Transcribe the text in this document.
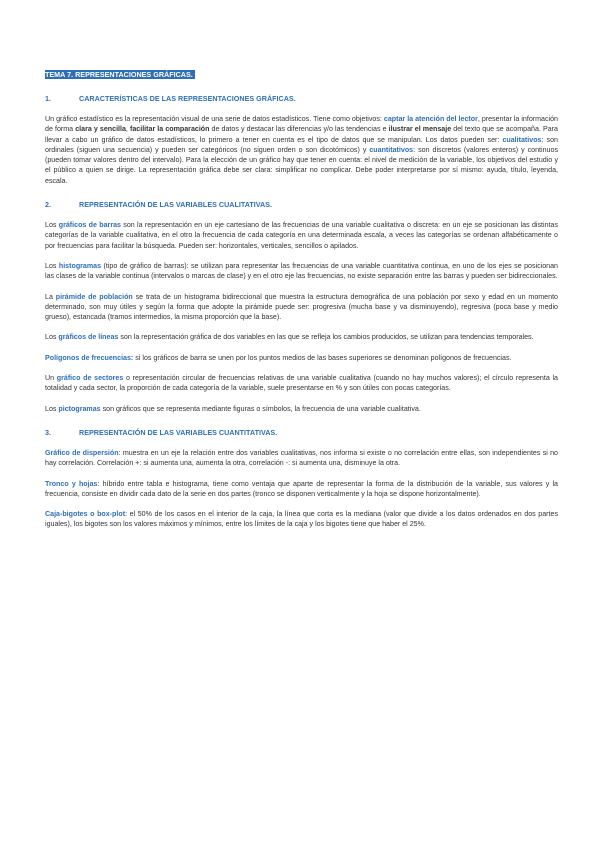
TEMA 7. REPRESENTACIONES GRÁFICAS.
1.	CARACTERÍSTICAS DE LAS REPRESENTACIONES GRÁFICAS.

Un gráfico estadístico es la representación visual de una serie de datos estadísticos. Tiene como objetivos: captar la atención del lector, presentar la información de forma clara y sencilla, facilitar la comparación de datos y destacar las diferencias y/o las tendencias e ilustrar el mensaje del texto que se acompaña. Para llevar a cabo un gráfico de datos estadísticos, lo primero a tener en cuenta es el tipo de datos que se manipulan. Los datos pueden ser: cualitativos: son ordinales (siguen una secuencia) y pueden ser categóricos (no siguen orden o son dicotómicos) y cuantitativos: son discretos (valores enteros) y continuos (pueden tomar valores dentro del intervalo). Para la elección de un gráfico hay que tener en cuenta: el nivel de medición de la variable, los objetivos del estudio y el público a quien se dirige. La representación gráfica debe ser clara: simplificar no complicar. Debe poder interpretarse por sí mismo: ayuda, título, leyenda, escala.

2.	REPRESENTACIÓN DE LAS VARIABLES CUALITATIVAS.

Los gráficos de barras son la representación en un eje cartesiano de las frecuencias de una variable cualitativa o discreta: en un eje se posicionan las distintas categorías de la variable cualitativa, en el otro la frecuencia de cada categoría en una determinada escala, a veces las categorías se ordenan alfabéticamente o por frecuencias para facilitar la búsqueda. Pueden ser: horizontales, verticales, sencillos o apilados.

Los histogramas (tipo de gráfico de barras): se utilizan para representar las frecuencias de una variable cuantitativa continua, en uno de los ejes se posicionan las clases de la variable continua (intervalos o marcas de clase) y en el otro eje las frecuencias, no existe separación entre las barras y pueden ser bidireccionales.

La pirámide de población se trata de un histograma bidireccional que muestra la estructura demográfica de una población por sexo y edad en un momento determinado, son muy útiles y según la forma que adopte la pirámide puede ser: progresiva (mucha base y va disminuyendo), regresiva (poca base y medio grueso), estancada (tramos intermedios, la misma proporción que la base).

Los gráficos de líneas son la representación gráfica de dos variables en las que se refleja los cambios producidos, se utilizan para tendencias temporales.

Polígonos de frecuencias: si los gráficos de barra se unen por los puntos medios de las bases superiores se denominan polígonos de frecuencias.

Un gráfico de sectores o representación circular de frecuencias relativas de una variable cualitativa (cuando no hay muchos valores); el círculo representa la totalidad y cada sector, la proporción de cada categoría de la variable, suele presentarse en % y son útiles con pocas categorías.

Los pictogramas son gráficos que se representa mediante figuras o símbolos, la frecuencia de una variable cualitativa.

3.	REPRESENTACIÓN DE LAS VARIABLES CUANTITATIVAS.

Gráfico de dispersión: muestra en un eje la relación entre dos variables cualitativas, nos informa si existe o no correlación entre ellas, son independientes si no hay correlación. Correlación +: si aumenta una, aumenta la otra, correlación -: si aumenta una, disminuye la otra.

Tronco y hojas: híbrido entre tabla e histograma, tiene como ventaja que aparte de representar la forma de la distribución de la variable, sus valores y la frecuencia, consiste en dividir cada dato de la serie en dos partes (tronco se disponen verticalmente y la hoja se dispone horizontalmente).

Caja-bigotes o box-plot: el 50% de los casos en el interior de la caja, la línea que corta es la mediana (valor que divide a los datos ordenados en dos partes iguales), los bigotes son los valores máximos y mínimos, entre los límites de la caja y los bigotes tiene que haber el 25%.
